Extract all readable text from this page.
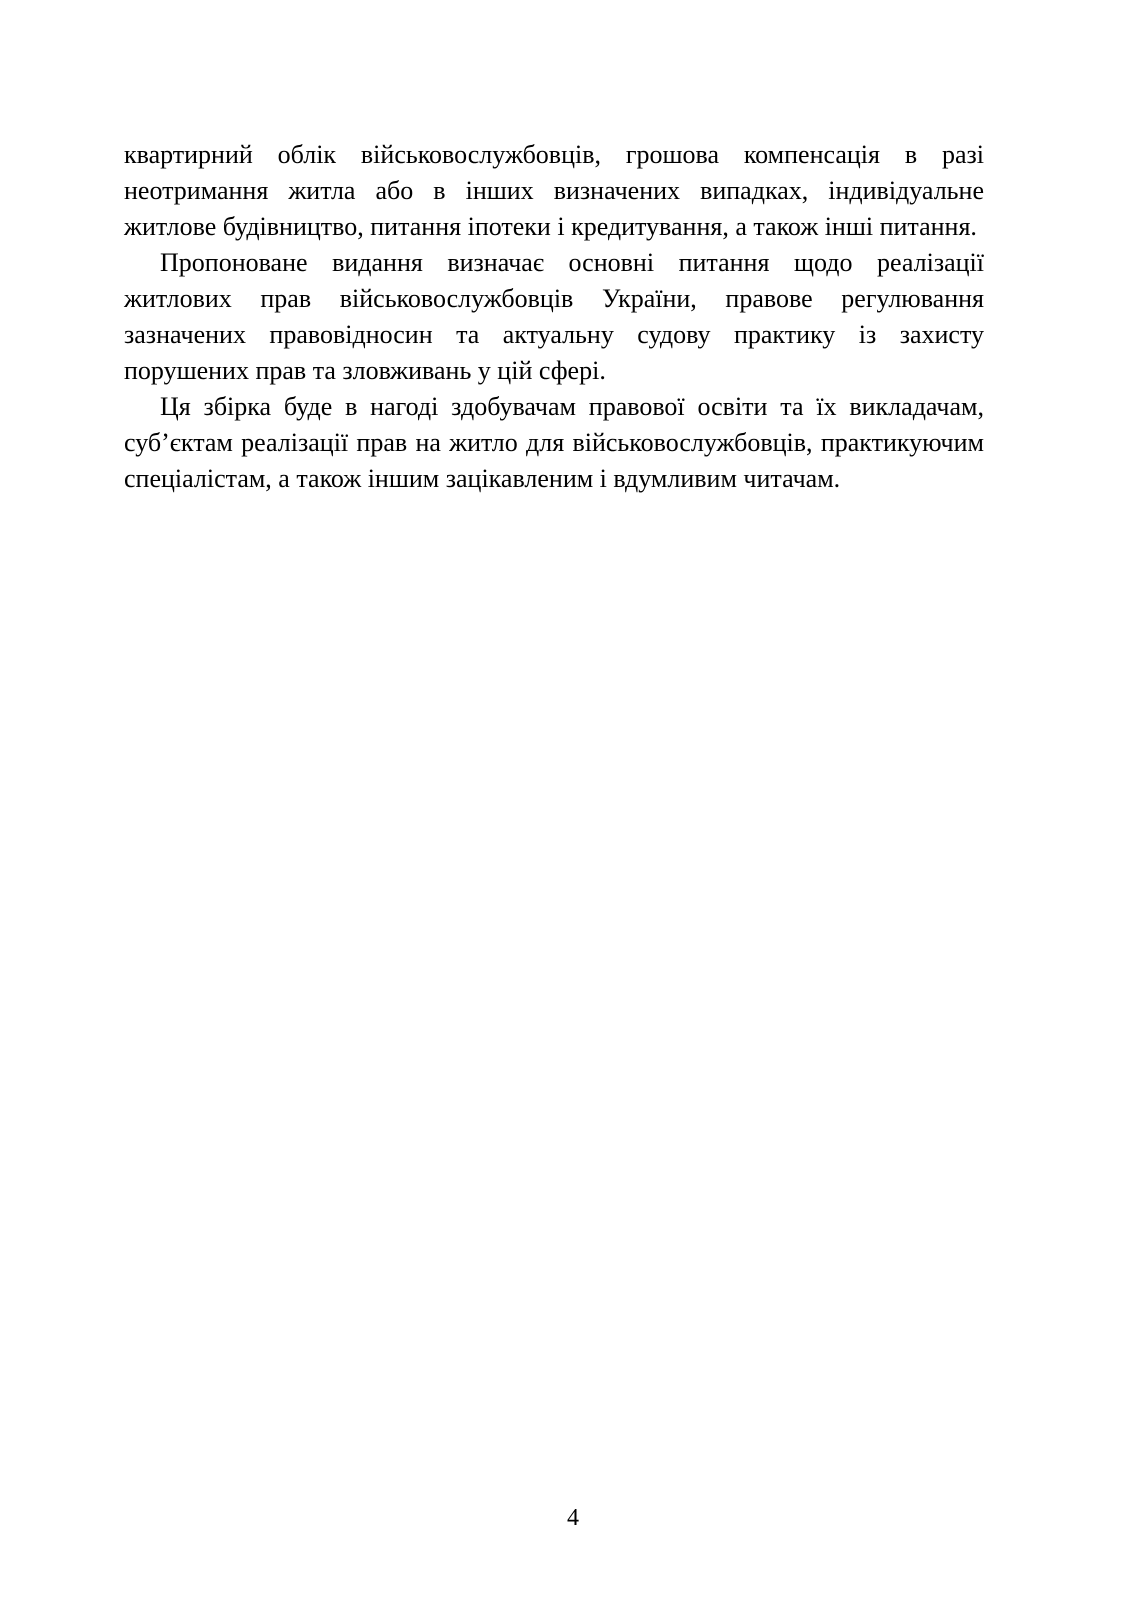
квартирний облік військовослужбовців, грошова компенсація в разі неотримання житла або в інших визначених випадках, індивідуальне житлове будівництво, питання іпотеки і кредитування, а також інші питання.

Пропоноване видання визначає основні питання щодо реалізації житлових прав військовослужбовців України, правове регулювання зазначених правовідносин та актуальну судову практику із захисту порушених прав та зловживань у цій сфері.

Ця збірка буде в нагоді здобувачам правової освіти та їх викладачам, суб’єктам реалізації прав на житло для військовослужбовців, практикуючим спеціалістам, а також іншим зацікавленим і вдумливим читачам.

4
